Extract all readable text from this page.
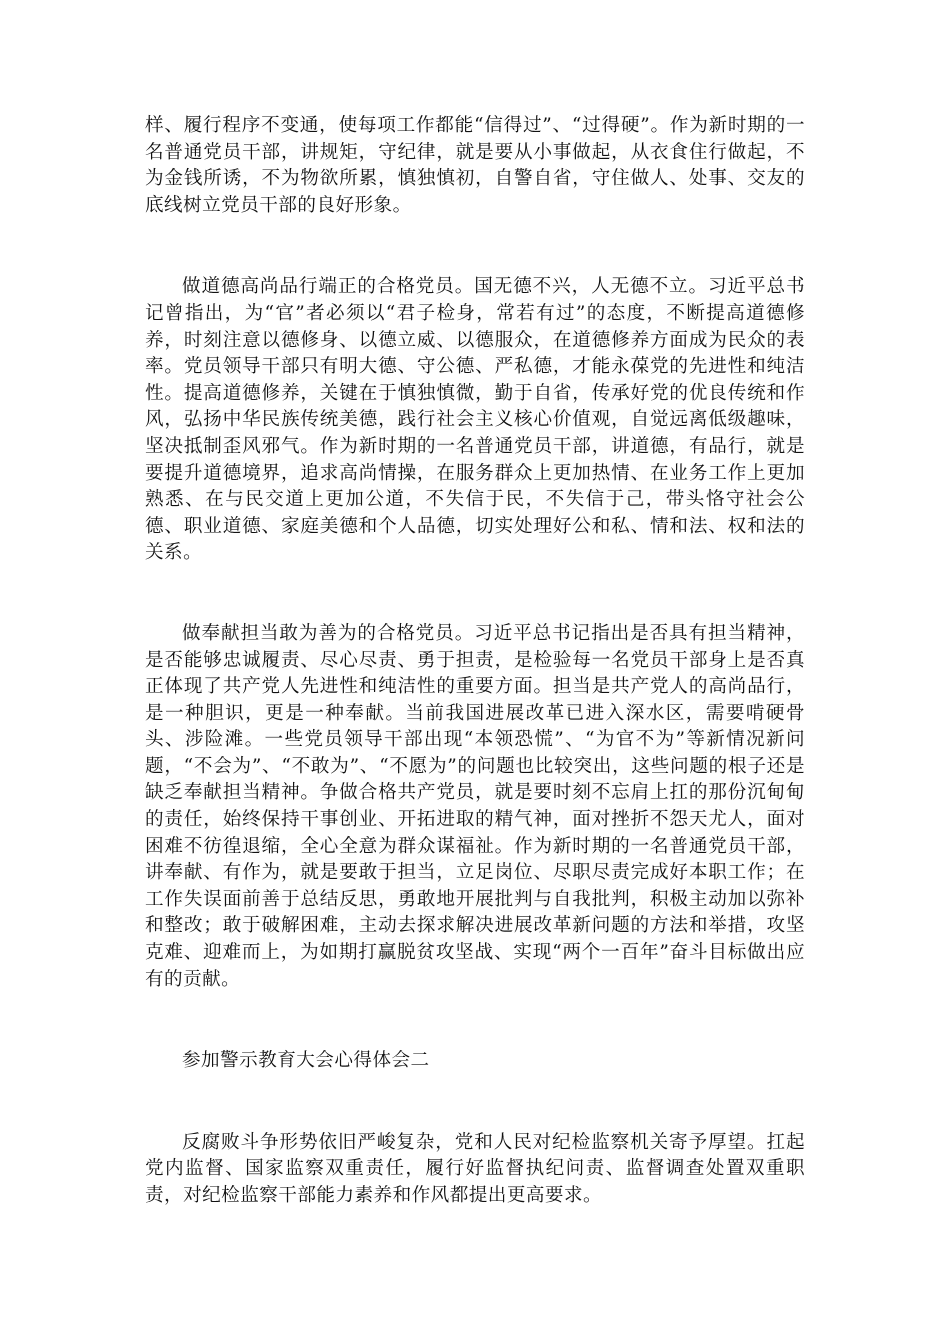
样、履行程序不变通，使每项工作都能“信得过”、“过得硬”。作为新时期的一名普通党员干部，讲规矩，守纪律，就是要从小事做起，从衣食住行做起，不为金钱所诱，不为物欲所累，慎独慎初，自警自省，守住做人、处事、交友的底线树立党员干部的良好形象。

做道德高尚品行端正的合格党员。国无德不兴，人无德不立。习近平总书记曾指出，为“官”者必须以“君子检身，常若有过”的态度，不断提高道德修养，时刻注意以德修身、以德立威、以德服众，在道德修养方面成为民众的表率。党员领导干部只有明大德、守公德、严私德，才能永葆党的先进性和纯洁性。提高道德修养，关键在于慎独慎微，勤于自省，传承好党的优良传统和作风，弘扬中华民族传统美德，践行社会主义核心价值观，自觉远离低级趣味，坚决抵制歪风邪气。作为新时期的一名普通党员干部，讲道德，有品行，就是要提升道德境界，追求高尚情操，在服务群众上更加热情、在业务工作上更加熟悉、在与民交道上更加公道，不失信于民，不失信于己，带头恪守社会公德、职业道德、家庭美德和个人品德，切实处理好公和私、情和法、权和法的关系。

做奉献担当敢为善为的合格党员。习近平总书记指出是否具有担当精神，是否能够忠诚履责、尽心尽责、勇于担责，是检验每一名党员干部身上是否真正体现了共产党人先进性和纯洁性的重要方面。担当是共产党人的高尚品行，是一种胆识，更是一种奉献。当前我国进展改革已进入深水区，需要啃硬骨头、涉险滩。一些党员领导干部出现“本领恐慌”、“为官不为”等新情况新问题，“不会为”、“不敢为”、“不愿为”的问题也比较突出，这些问题的根子还是缺乏奉献担当精神。争做合格共产党员，就是要时刻不忘肩上扛的那份沉甸甸的责任，始终保持干事创业、开拓进取的精气神，面对挫折不怨天尤人，面对困难不彷徨退缩，全心全意为群众谋福祉。作为新时期的一名普通党员干部，讲奉献、有作为，就是要敢于担当，立足岗位、尽职尽责完成好本职工作；在工作失误面前善于总结反思，勇敢地开展批判与自我批判，积极主动加以弥补和整改；敢于破解困难，主动去探求解决进展改革新问题的方法和举措，攻坚克难、迎难而上，为如期打赢脱贫攻坚战、实现“两个一百年”奋斗目标做出应有的贡献。

参加警示教育大会心得体会二

反腐败斗争形势依旧严峻复杂，党和人民对纪检监察机关寄予厚望。扛起党内监督、国家监察双重责任，履行好监督执纪问责、监督调查处置双重职责，对纪检监察干部能力素养和作风都提出更高要求。
